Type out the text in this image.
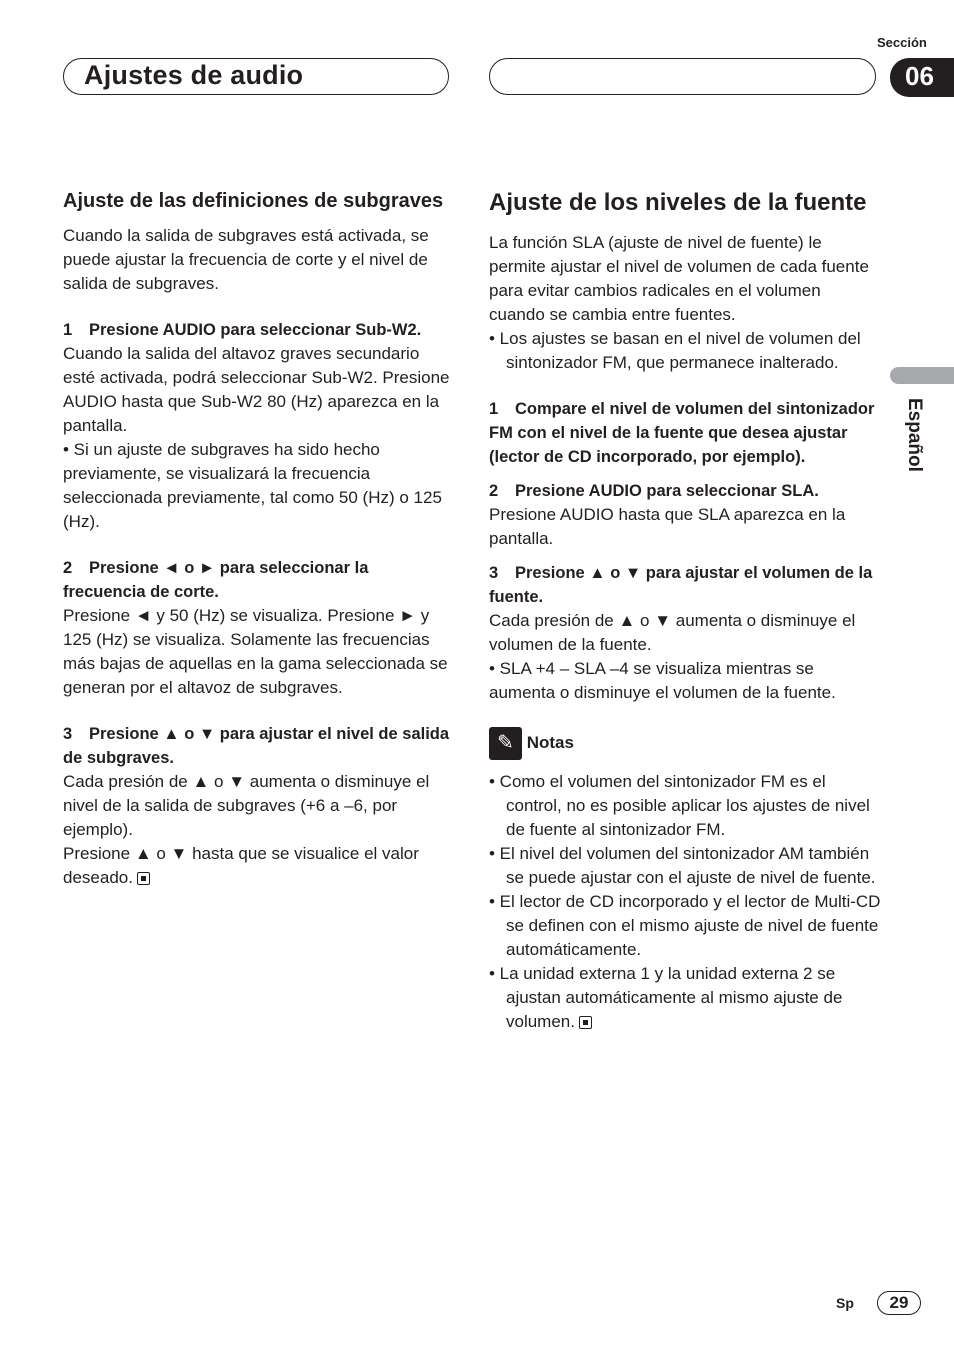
Sección
Ajustes de audio	06
Español
Ajuste de las definiciones de subgraves

Cuando la salida de subgraves está activada, se puede ajustar la frecuencia de corte y el nivel de salida de subgraves.

1 Presione AUDIO para seleccionar Sub-W2.

Cuando la salida del altavoz graves secundario esté activada, podrá seleccionar Sub-W2. Presione AUDIO hasta que Sub-W2 80 (Hz) aparezca en la pantalla.

• Si un ajuste de subgraves ha sido hecho previamente, se visualizará la frecuencia seleccionada previamente, tal como 50 (Hz) o 125 (Hz).

2 Presione ◄ o ► para seleccionar la frecuencia de corte.

Presione ◄ y 50 (Hz) se visualiza. Presione ► y 125 (Hz) se visualiza. Solamente las frecuencias más bajas de aquellas en la gama seleccionada se generan por el altavoz de subgraves.

3 Presione ▲ o ▼ para ajustar el nivel de salida de subgraves.

Cada presión de ▲ o ▼ aumenta o disminuye el nivel de la salida de subgraves (+6 a –6, por ejemplo).

Presione ▲ o ▼ hasta que se visualice el valor deseado.

Ajuste de los niveles de la fuente

La función SLA (ajuste de nivel de fuente) le permite ajustar el nivel de volumen de cada fuente para evitar cambios radicales en el volumen cuando se cambia entre fuentes.

• Los ajustes se basan en el nivel de volumen del sintonizador FM, que permanece inalterado.

1 Compare el nivel de volumen del sintonizador FM con el nivel de la fuente que desea ajustar (lector de CD incorporado, por ejemplo).

2 Presione AUDIO para seleccionar SLA.

Presione AUDIO hasta que SLA aparezca en la pantalla.

3 Presione ▲ o ▼ para ajustar el volumen de la fuente.

Cada presión de ▲ o ▼ aumenta o disminuye el volumen de la fuente.

• SLA +4 – SLA –4 se visualiza mientras se aumenta o disminuye el volumen de la fuente.

✎ Notas

• Como el volumen del sintonizador FM es el control, no es posible aplicar los ajustes de nivel de fuente al sintonizador FM.

• El nivel del volumen del sintonizador AM también se puede ajustar con el ajuste de nivel de fuente.

• El lector de CD incorporado y el lector de Multi-CD se definen con el mismo ajuste de nivel de fuente automáticamente.

• La unidad externa 1 y la unidad externa 2 se ajustan automáticamente al mismo ajuste de volumen.

Sp	29
